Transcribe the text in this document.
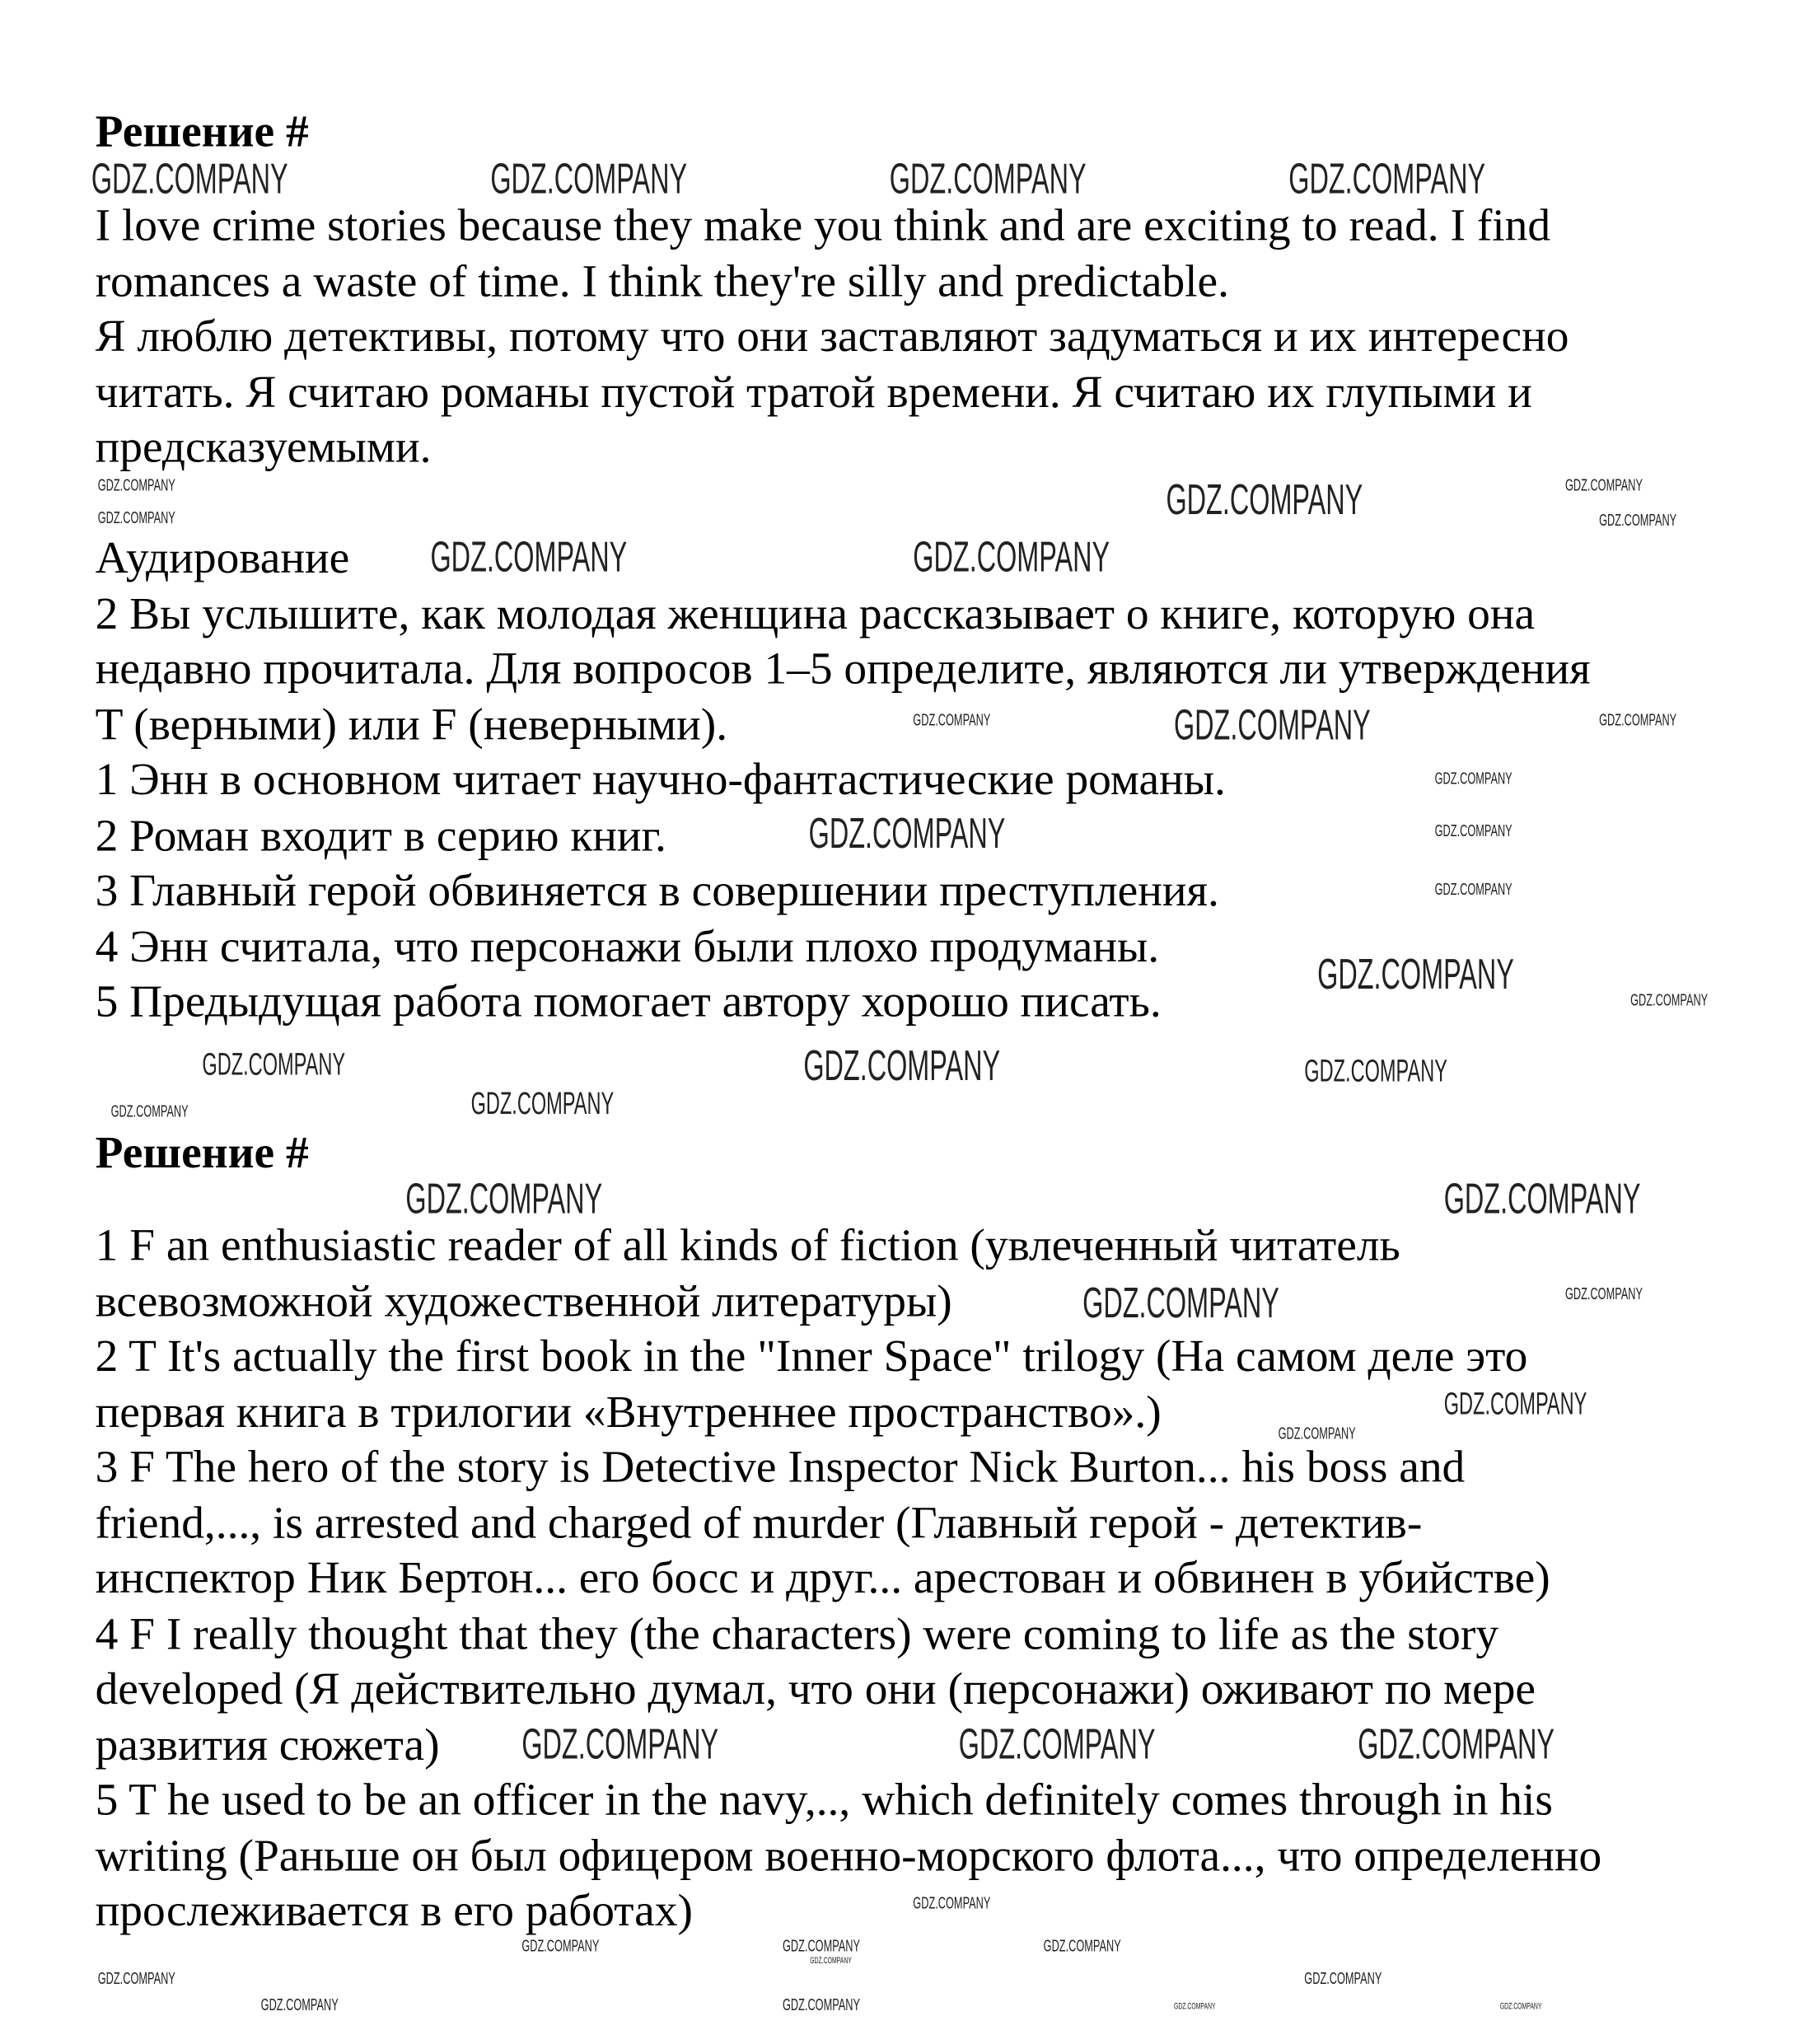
Решение #
I love crime stories because they make you think and are exciting to read. I find
romances a waste of time. I think they're silly and predictable.
Я люблю детективы, потому что они заставляют задуматься и их интересно
читать. Я считаю романы пустой тратой времени. Я считаю их глупыми и
предсказуемыми.
Аудирование
2 Вы услышите, как молодая женщина рассказывает о книге, которую она
недавно прочитала. Для вопросов 1–5 определите, являются ли утверждения
T (верными) или F (неверными).
1 Энн в основном читает научно-фантастические романы.
2 Роман входит в серию книг.
3 Главный герой обвиняется в совершении преступления.
4 Энн считала, что персонажи были плохо продуманы.
5 Предыдущая работа помогает автору хорошо писать.
Решение #
1 F an enthusiastic reader of all kinds of fiction (увлеченный читатель
всевозможной художественной литературы)
2 T It's actually the first book in the "Inner Space" trilogy (На самом деле это
первая книга в трилогии «Внутреннее пространство».)
3 F The hero of the story is Detective Inspector Nick Burton... his boss and
friend,..., is arrested and charged of murder (Главный герой - детектив-
инспектор Ник Бертон... его босс и друг... арестован и обвинен в убийстве)
4 F I really thought that they (the characters) were coming to life as the story
developed (Я действительно думал, что они (персонажи) оживают по мере
развития сюжета)
5 T he used to be an officer in the navy,.., which definitely comes through in his
writing (Раньше он был офицером военно-морского флота..., что определенно
прослеживается в его работах)
GDZ.COMPANY	GDZ.COMPANY	GDZ.COMPANY	GDZ.COMPANY
GDZ.COMPANY
GDZ.COMPANY	GDZ.COMPANY
GDZ.COMPANY
GDZ.COMPANY
GDZ.COMPANY
GDZ.COMPANY
GDZ.COMPANY	GDZ.COMPANY
GDZ.COMPANY
GDZ.COMPANY
GDZ.COMPANY	GDZ.COMPANY
GDZ.COMPANY
GDZ.COMPANY
GDZ.COMPANY
GDZ.COMPANY
GDZ.COMPANY	GDZ.COMPANY
GDZ.COMPANY	GDZ.COMPANY
GDZ.COMPANY	GDZ.COMPANY
GDZ.COMPANY
GDZ.COMPANY
GDZ.COMPANY
GDZ.COMPANY
GDZ.COMPANY
GDZ.COMPANY
GDZ.COMPANY
GDZ.COMPANY	GDZ.COMPANY	GDZ.COMPANY
GDZ.COMPANY	GDZ.COMPANY
GDZ.COMPANY	GDZ.COMPANY
GDZ.COMPANY
GDZ.COMPANY
GDZ.COMPANY	GDZ.COMPANY
